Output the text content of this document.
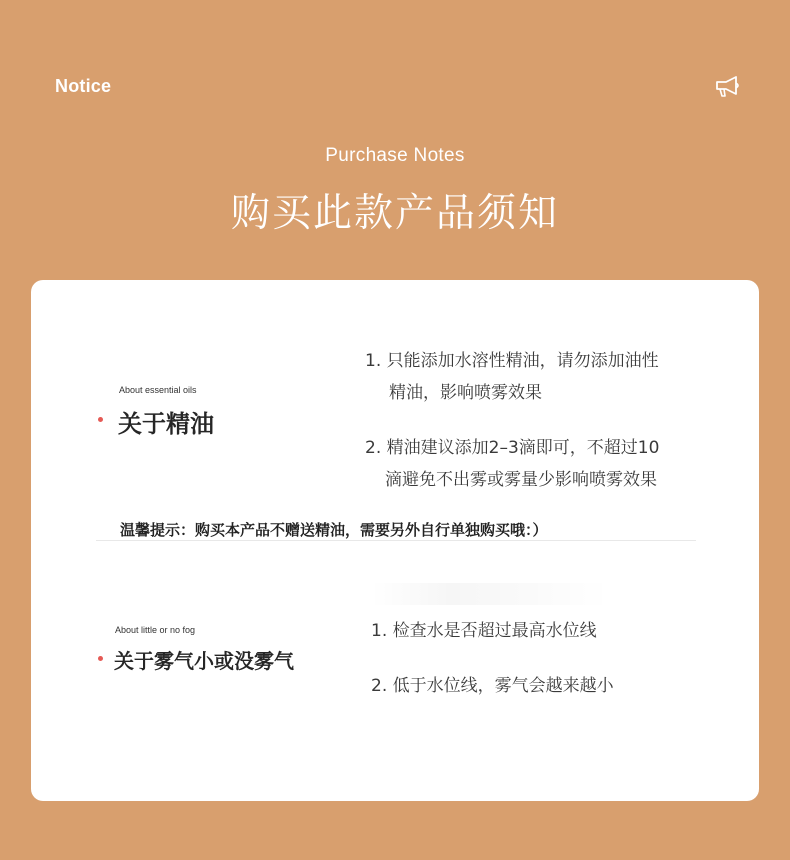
Notice
Purchase Notes
购买此款产品须知
About essential oils
关于精油
1. 只能添加水溶性精油，请勿添加油性
精油，影响喷雾效果
2. 精油建议添加2–3滴即可，不超过10
滴避免不出雾或雾量少影响喷雾效果
温馨提示：购买本产品不赠送精油，需要另外自行单独购买哦：）
About little or no fog
关于雾气小或没雾气
1. 检查水是否超过最高水位线
2. 低于水位线，雾气会越来越小
